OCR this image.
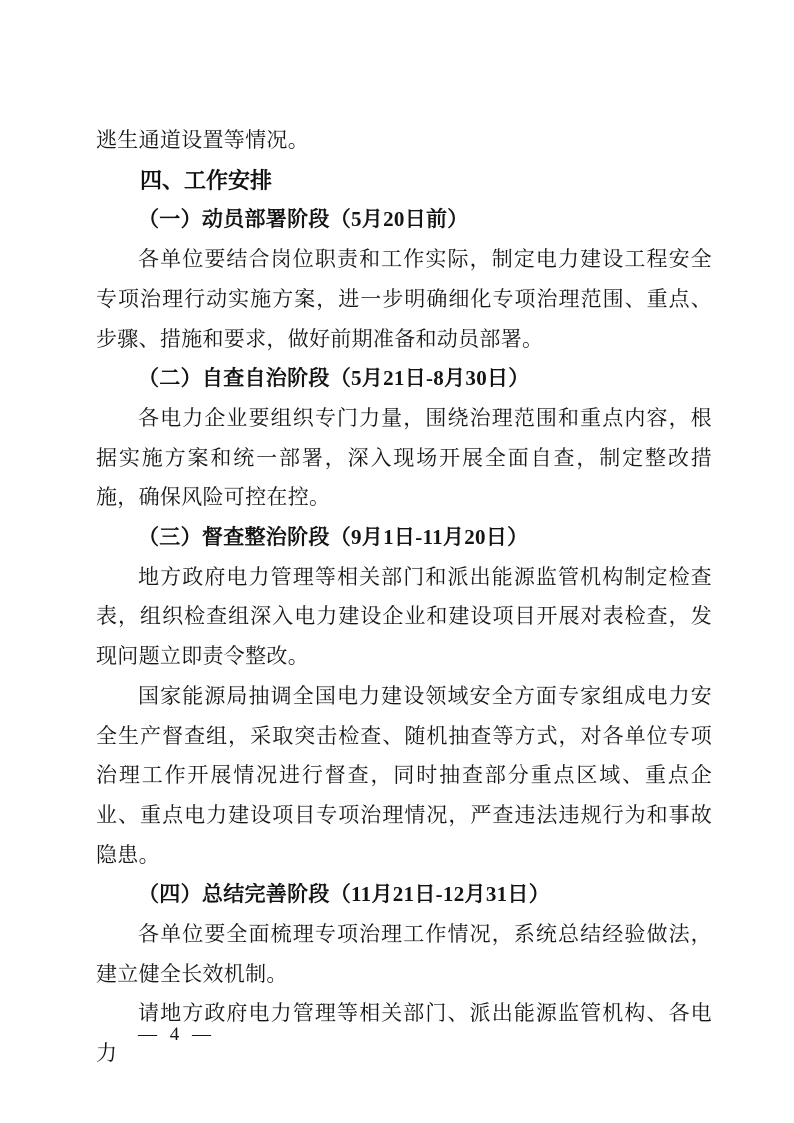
逃生通道设置等情况。

四、工作安排
（一）动员部署阶段（5月20日前）

各单位要结合岗位职责和工作实际，制定电力建设工程安全专项治理行动实施方案，进一步明确细化专项治理范围、重点、步骤、措施和要求，做好前期准备和动员部署。

（二）自查自治阶段（5月21日-8月30日）

各电力企业要组织专门力量，围绕治理范围和重点内容，根据实施方案和统一部署，深入现场开展全面自查，制定整改措施，确保风险可控在控。

（三）督查整治阶段（9月1日-11月20日）

地方政府电力管理等相关部门和派出能源监管机构制定检查表，组织检查组深入电力建设企业和建设项目开展对表检查，发现问题立即责令整改。

国家能源局抽调全国电力建设领域安全方面专家组成电力安全生产督查组，采取突击检查、随机抽查等方式，对各单位专项治理工作开展情况进行督查，同时抽查部分重点区域、重点企业、重点电力建设项目专项治理情况，严查违法违规行为和事故隐患。

（四）总结完善阶段（11月21日-12月31日）

各单位要全面梳理专项治理工作情况，系统总结经验做法，建立健全长效机制。

请地方政府电力管理等相关部门、派出能源监管机构、各电力

— 4 —
